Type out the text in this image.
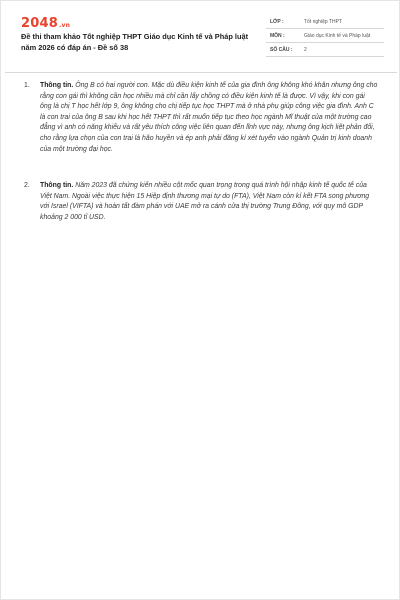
2048.vn
Đề thi tham khảo Tốt nghiệp THPT Giáo dục Kinh tế và Pháp luật năm 2026 có đáp án - Đề số 38
LỚP :	Tốt nghiệp THPT
MÔN :	Giáo dục Kinh tế và Pháp luật
SỐ CÂU :	2
1.	Thông tin. Ông B có hai người con. Mặc dù điều kiện kinh tế của gia đình ông không khó khăn nhưng ông cho rằng con gái thì không cần học nhiều mà chỉ cần lấy chồng có điều kiện kinh tế là được. Vì vậy, khi con gái ông là chị T học hết lớp 9, ông không cho chị tiếp tục học THPT mà ở nhà phụ giúp công việc gia đình. Anh C là con trai của ông B sau khi học hết THPT thì rất muốn tiếp tục theo học ngành Mĩ thuật của một trường cao đẳng vì anh có năng khiếu và rất yêu thích công việc liên quan đến lĩnh vực này, nhưng ông kịch liệt phản đối, cho rằng lựa chọn của con trai là hão huyền và ép anh phải đăng kí xét tuyển vào ngành Quản trị kinh doanh của một trường đại học.
2.	Thông tin. Năm 2023 đã chứng kiến nhiều cột mốc quan trọng trong quá trình hội nhập kinh tế quốc tế của Việt Nam. Ngoài việc thực hiện 15 Hiệp định thương mại tự do (FTA), Việt Nam còn kí kết FTA song phương với Israel (VIFTA) và hoàn tất đàm phán với UAE mở ra cánh cửa thị trường Trung Đông, với quy mô GDP khoảng 2 000 tỉ USD.
